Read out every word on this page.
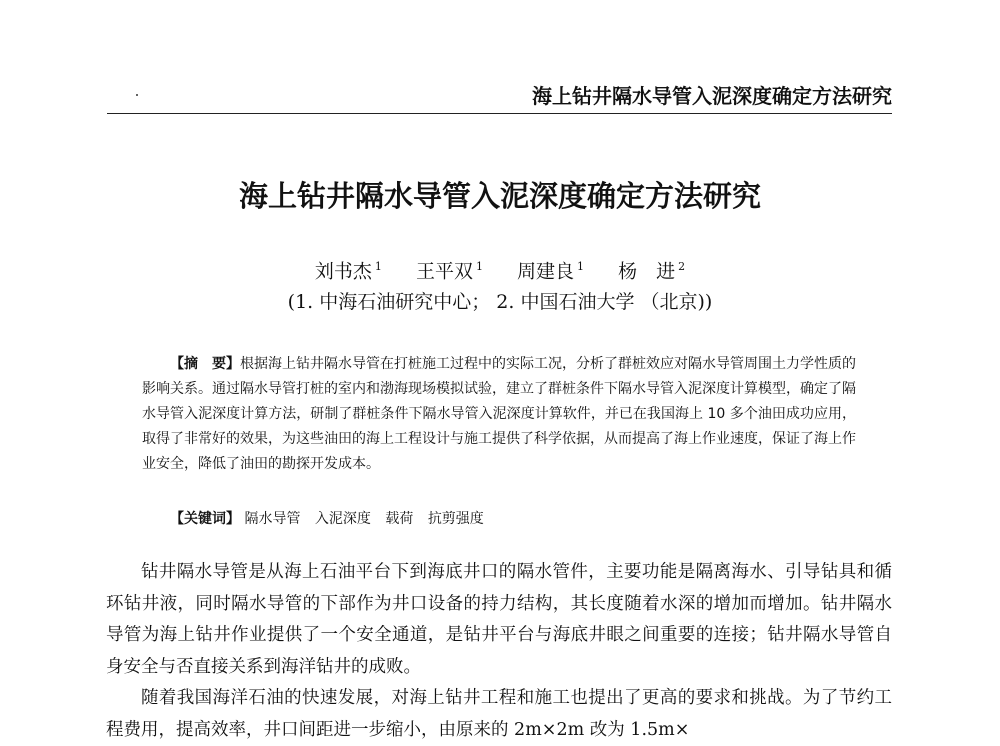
海上钻井隔水导管入泥深度确定方法研究
海上钻井隔水导管入泥深度确定方法研究
刘书杰 $^1$ 王平双 $^1$ 周建良 $^1$ 杨　进 $^2$
(1. 中海石油研究中心； 2. 中国石油大学 （北京))
【摘　要】根据海上钻井隔水导管在打桩施工过程中的实际工况，分析了群桩效应对隔水导管周围土力学性质的影响关系。通过隔水导管打桩的室内和渤海现场模拟试验，建立了群桩条件下隔水导管入泥深度计算模型，确定了隔水导管入泥深度计算方法，研制了群桩条件下隔水导管入泥深度计算软件，并已在我国海上 10 多个油田成功应用，取得了非常好的效果，为这些油田的海上工程设计与施工提供了科学依据，从而提高了海上作业速度，保证了海上作业安全，降低了油田的勘探开发成本。
【关键词】 隔水导管 入泥深度 载荷 抗剪强度

钻井隔水导管是从海上石油平台下到海底井口的隔水管件，主要功能是隔离海水、引导钻具和循环钻井液，同时隔水导管的下部作为井口设备的持力结构，其长度随着水深的增加而增加。钻井隔水导管为海上钻井作业提供了一个安全通道，是钻井平台与海底井眼之间重要的连接；钻井隔水导管自身安全与否直接关系到海洋钻井的成败。

随着我国海洋石油的快速发展，对海上钻井工程和施工也提出了更高的要求和挑战。为了节约工程费用，提高效率，井口间距进一步缩小，由原来的 2m×2m 改为 1.5m×
